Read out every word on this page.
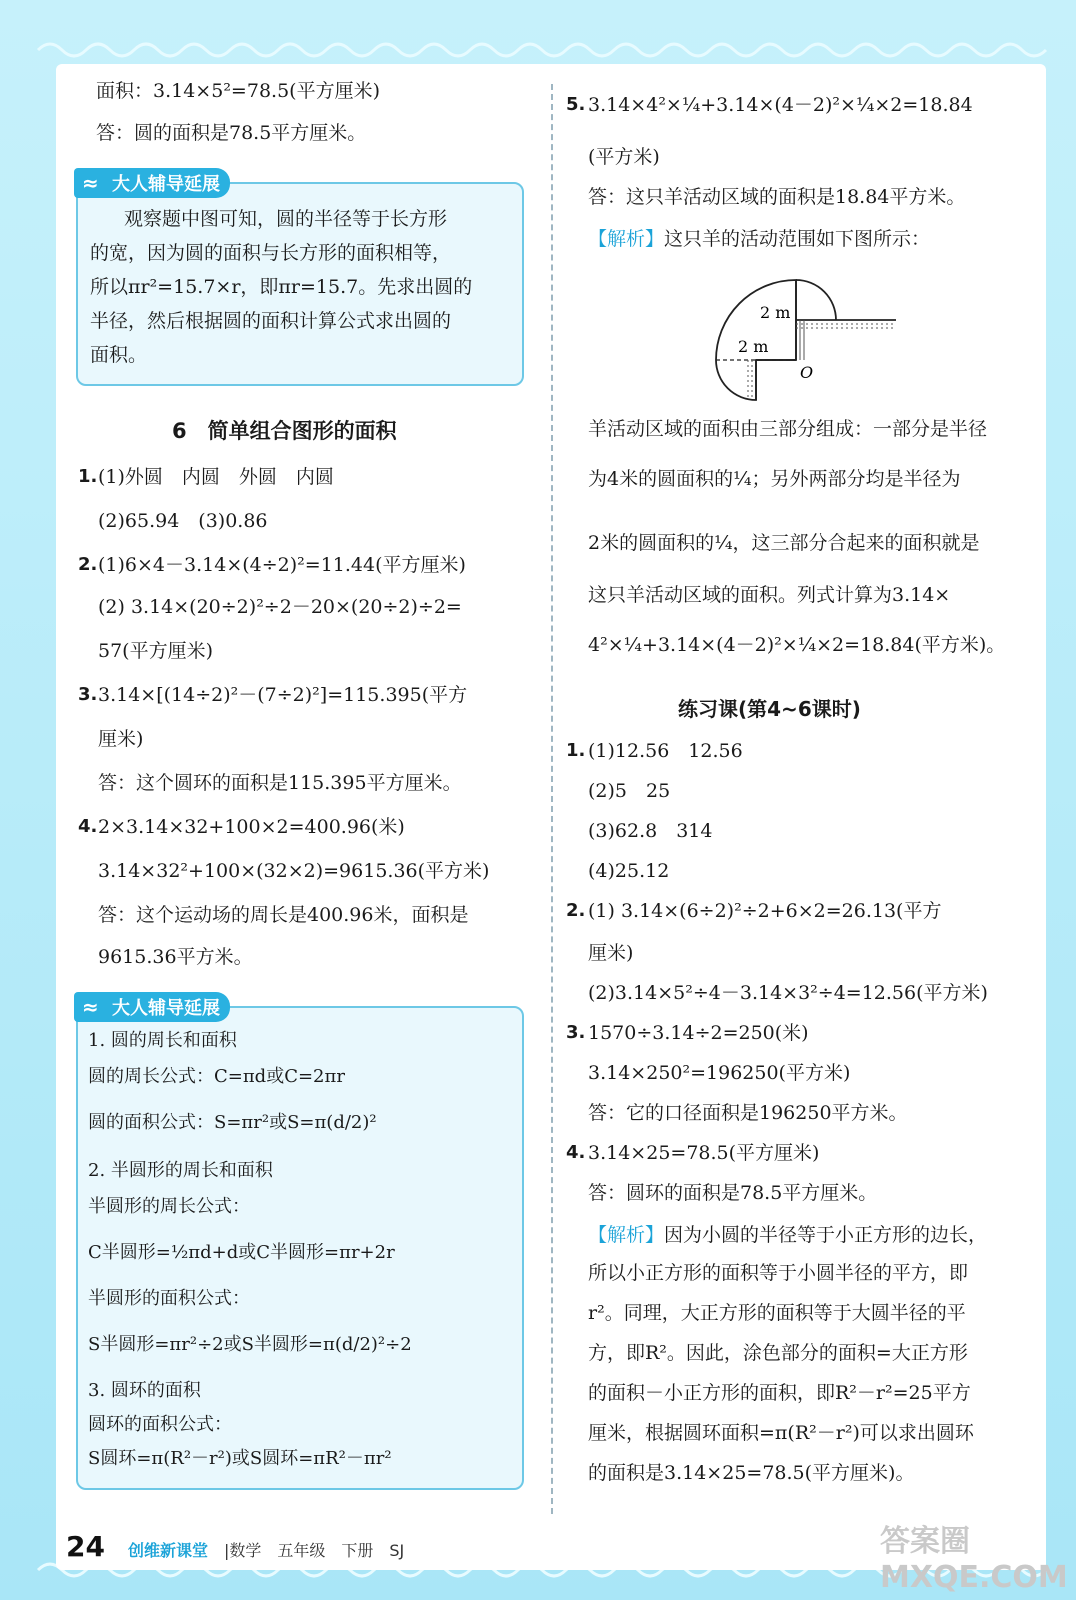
面积：3.14×5²=78.5(平方厘米)
答：圆的面积是78.5平方厘米。
≈ 大人辅导延展
观察题中图可知，圆的半径等于长方形
的宽，因为圆的面积与长方形的面积相等，
所以πr²=15.7×r，即πr=15.7。先求出圆的
半径，然后根据圆的面积计算公式求出圆的
面积。
6　简单组合图形的面积
1. (1)外圆　内圆　外圆　内圆
(2)65.94　(3)0.86
2. (1)6×4－3.14×(4÷2)²=11.44(平方厘米)
(2) 3.14×(20÷2)²÷2－20×(20÷2)÷2=
57(平方厘米)
3. 3.14×[(14÷2)²－(7÷2)²]=115.395(平方
厘米)
答：这个圆环的面积是115.395平方厘米。
4. 2×3.14×32+100×2=400.96(米)
3.14×32²+100×(32×2)=9615.36(平方米)
答：这个运动场的周长是400.96米，面积是
9615.36平方米。
≈ 大人辅导延展
1. 圆的周长和面积
圆的周长公式：C=πd或C=2πr
圆的面积公式：S=πr²或S=π(d/2)²
2. 半圆形的周长和面积
半圆形的周长公式：
C半圆形=½πd+d或C半圆形=πr+2r
半圆形的面积公式：
S半圆形=πr²÷2或S半圆形=π(d/2)²÷2
3. 圆环的面积
圆环的面积公式：
S圆环=π(R²－r²)或S圆环=πR²－πr²
5. 3.14×4²×¼+3.14×(4－2)²×¼×2=18.84
(平方米)
答：这只羊活动区域的面积是18.84平方米。
【解析】这只羊的活动范围如下图所示：
2 m
2 m
O
羊活动区域的面积由三部分组成：一部分是半径
为4米的圆面积的¼；另外两部分均是半径为
2米的圆面积的¼，这三部分合起来的面积就是
这只羊活动区域的面积。列式计算为3.14×
4²×¼+3.14×(4－2)²×¼×2=18.84(平方米)。
练习课(第4~6课时)
1. (1)12.56　12.56
(2)5　25
(3)62.8　314
(4)25.12
2. (1) 3.14×(6÷2)²÷2+6×2=26.13(平方
厘米)
(2)3.14×5²÷4－3.14×3²÷4=12.56(平方米)
3. 1570÷3.14÷2=250(米)
3.14×250²=196250(平方米)
答：它的口径面积是196250平方米。
4. 3.14×25=78.5(平方厘米)
答：圆环的面积是78.5平方厘米。
【解析】因为小圆的半径等于小正方形的边长，
所以小正方形的面积等于小圆半径的平方，即
r²。同理，大正方形的面积等于大圆半径的平
方，即R²。因此，涂色部分的面积=大正方形
的面积－小正方形的面积，即R²－r²=25平方
厘米，根据圆环面积=π(R²－r²)可以求出圆环
的面积是3.14×25=78.5(平方厘米)。
24 创维新课堂 |数学　五年级　下册　SJ	答案圈 MXQE.COM
